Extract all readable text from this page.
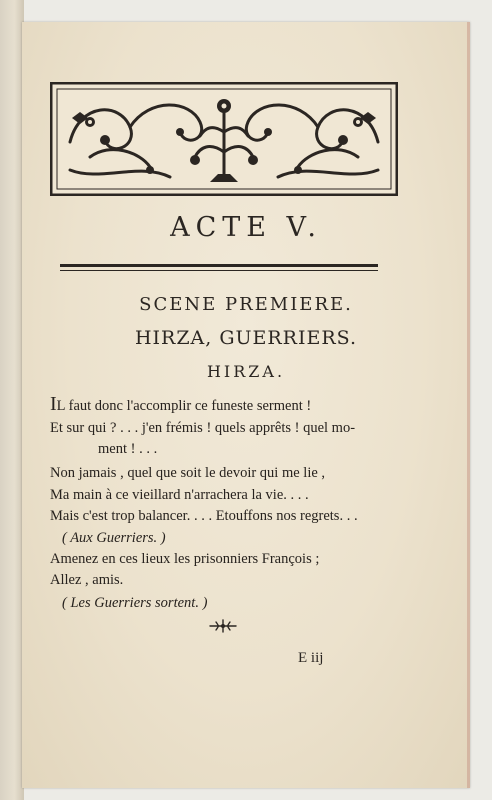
ACTE V.
SCENE PREMIERE.
HIRZA, GUERRIERS.
HIRZA.
IL faut donc l'accomplir ce funeste serment !
Et sur qui ? . . . j'en frémis ! quels apprêts ! quel mo-
ment ! . . .
Non jamais , quel que soit le devoir qui me lie ,
Ma main à ce vieillard n'arrachera la vie. . . .
Mais c'est trop balancer. . . . Etouffons nos regrets. . .
( Aux Guerriers. )
Amenez en ces lieux les prisonniers François ;
Allez , amis.
( Les Guerriers sortent. )
E iij
